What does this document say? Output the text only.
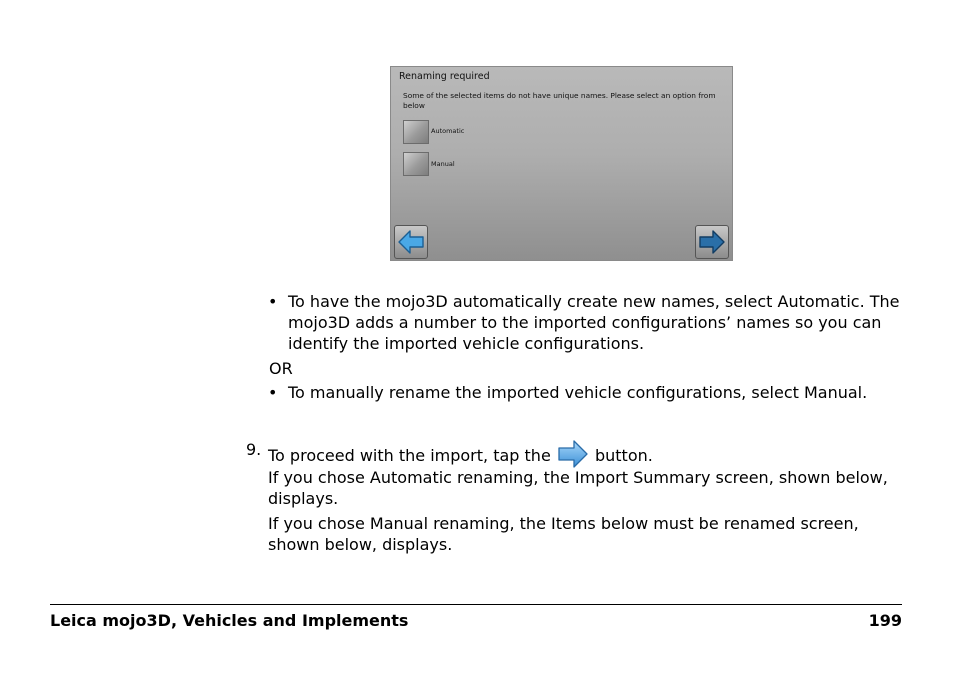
Renaming required
Some of the selected items do not have unique names. Please select an option from below
Automatic
Manual
• To have the mojo3D automatically create new names, select Automatic. The mojo3D adds a number to the imported configurations’ names so you can identify the imported vehicle configurations.
OR
• To manually rename the imported vehicle configurations, select Manual.
9. To proceed with the import, tap the	button.
If you chose Automatic renaming, the Import Summary screen, shown below, displays.
If you chose Manual renaming, the Items below must be renamed screen, shown below, displays.
Leica mojo3D, Vehicles and Implements	199
